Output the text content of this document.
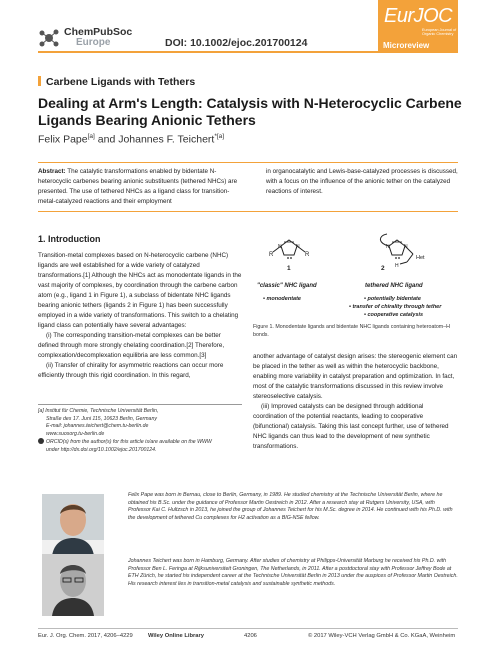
ChemPubSoc
Europe	DOI: 10.1002/ejoc.201700124
EurJOC
European Journal of Organic Chemistry
Microreview
Carbene Ligands with Tethers
Dealing at Arm's Length: Catalysis with N-Heterocyclic Carbene Ligands Bearing Anionic Tethers
Felix Pape[a] and Johannes F. Teichert$^{*[a]}$
Abstract: The catalytic transformations enabled by bidentate N-heterocyclic carbenes bearing anionic substituents (tethered NHCs) are presented. The use of tethered NHCs as a ligand class for transition-metal-catalyzed reactions and their employment
in organocatalytic and Lewis-base-catalyzed processes is discussed, with a focus on the influence of the anionic tether on the catalyzed reactions of interest.
1. Introduction

Transition-metal complexes based on N-heterocyclic carbene (NHC) ligands are well established for a wide variety of catalyzed transformations.[1] Although the NHCs act as monodentate ligands in the vast majority of complexes, by coordination through the carbene carbon atom (e.g., ligand 1 in Figure 1), a subclass of bidentate NHC ligands bearing anionic tethers (ligands 2 in Figure 1) has been successfully employed in a wide variety of transformations. This switch to a chelating ligand class can potentially have several advantages:

(i) The corresponding transition-metal complexes can be better defined through more strongly chelating coordination.[2] Therefore, complexation/decomplexation equilibria are less common.[3]

(ii) Transfer of chirality for asymmetric reactions can occur more efficiently through this rigid coordination. In this regard,

[a] Institut für Chemie, Technische Universität Berlin,
Straße des 17. Juni 115, 10623 Berlin, Germany
E-mail: johannes.teichert@chem.tu-berlin.de
www.suosorg.tu-berlin.de
ORCID(s) from the author(s) for this article is/are available on the WWW
under http://dx.doi.org/10.1002/ejoc.201700124.
R	R
N	N
1
N	N
H
Het
2
"classic" NHC ligand	tethered NHC ligand
• monodentate	• potentially bidentate
• transfer of chirality through tether
• cooperative catalysis
Figure 1. Monodentate ligands and bidentate NHC ligands containing heteroatom–H bonds.

another advantage of catalyst design arises: the stereogenic element can be placed in the tether as well as within the heterocyclic backbone, enabling more variability in catalyst preparation and optimization. In fact, most of the catalytic transformations discussed in this review involve stereoselective catalysis.

(iii) Improved catalysts can be designed through additional coordination of the potential reactants, leading to cooperative (bifunctional) catalysis. Taking this last concept further, use of tethered NHC ligands can thus lead to the development of new synthetic transformations.

Felix Pape was born in Bernau, close to Berlin, Germany, in 1989. He studied chemistry at the Technische Universität Berlin, where he obtained his B.Sc. under the guidance of Professor Martin Oestreich in 2012. After a research stay at Rutgers University, USA, with Professor Kai C. Hultzsch in 2013, he joined the group of Johannes Teichert for his M.Sc. degree in 2014. He continued with his Ph.D. with the development of tethered Cu complexes for H2 activation as a BIG-NSE fellow.
Johannes Teichert was born in Hamburg, Germany. After studies of chemistry at Philipps-Universität Marburg he received his Ph.D. with Professor Ben L. Feringa at Rijksuniversiteit Groningen, The Netherlands, in 2011. After a postdoctoral stay with Professor Jeffrey Bode at ETH Zürich, he started his independent career at the Technische Universität Berlin in 2013 under the auspices of Professor Martin Oestreich. His research interest lies in transition-metal catalysis and sustainable synthetic methods.
Eur. J. Org. Chem. 2017, 4206–4229	Wiley Online Library	4206	© 2017 Wiley-VCH Verlag GmbH & Co. KGaA, Weinheim
